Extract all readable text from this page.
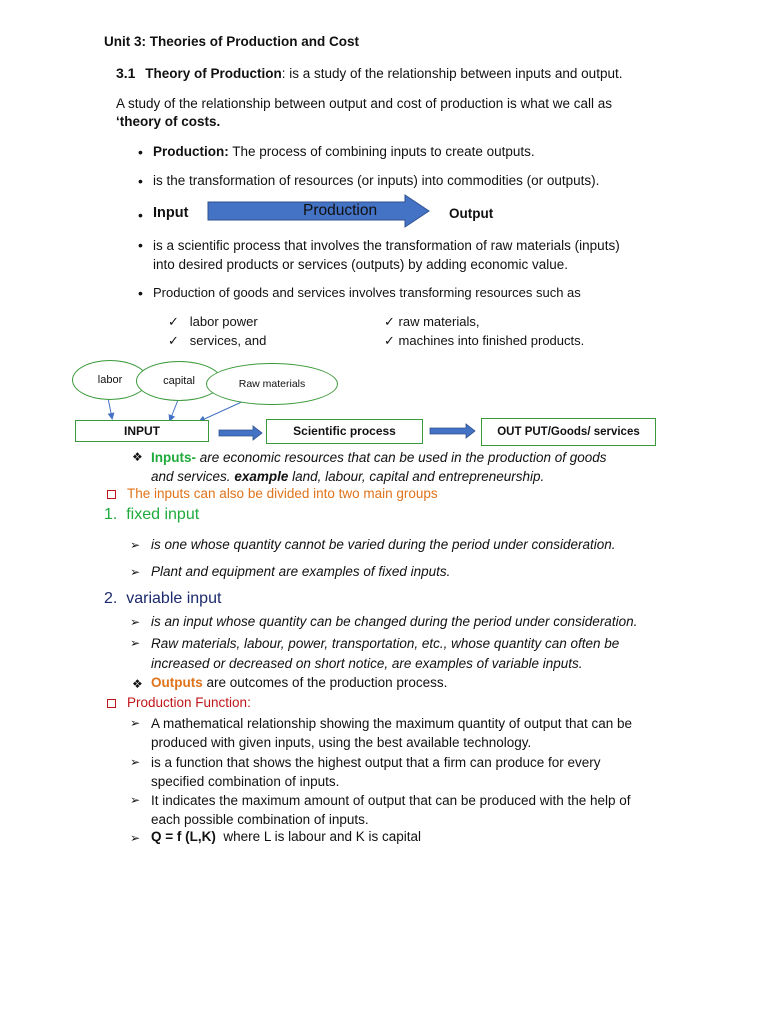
Unit 3: Theories of Production and Cost
3.1 Theory of Production: is a study of the relationship between inputs and output.
A study of the relationship between output and cost of production is what we call as
‘theory of costs.
• Production: The process of combining inputs to create outputs.
• is the transformation of resources (or inputs) into commodities (or outputs).
• Input	Production	Output
• is a scientific process that involves the transformation of raw materials (inputs)
into desired products or services (outputs) by adding economic value.
• Production of goods and services involves transforming resources such as
✓ labor power
✓ services, and
✓ raw materials,
✓ machines into finished products.
labor	capital	Raw materials
INPUT	Scientific process	OUT PUT/Goods/ services
❖ Inputs- are economic resources that can be used in the production of goods
and services. example land, labour, capital and entrepreneurship.
The inputs can also be divided into two main groups
1. fixed input
➢ is one whose quantity cannot be varied during the period under consideration.
➢ Plant and equipment are examples of fixed inputs.
2. variable input
➢ is an input whose quantity can be changed during the period under consideration.
➢ Raw materials, labour, power, transportation, etc., whose quantity can often be
increased or decreased on short notice, are examples of variable inputs.
❖ Outputs are outcomes of the production process.
Production Function:
➢ A mathematical relationship showing the maximum quantity of output that can be
produced with given inputs, using the best available technology.
➢ is a function that shows the highest output that a firm can produce for every
specified combination of inputs.
➢ It indicates the maximum amount of output that can be produced with the help of
each possible combination of inputs.
➢ Q = f (L,K) where L is labour and K is capital
